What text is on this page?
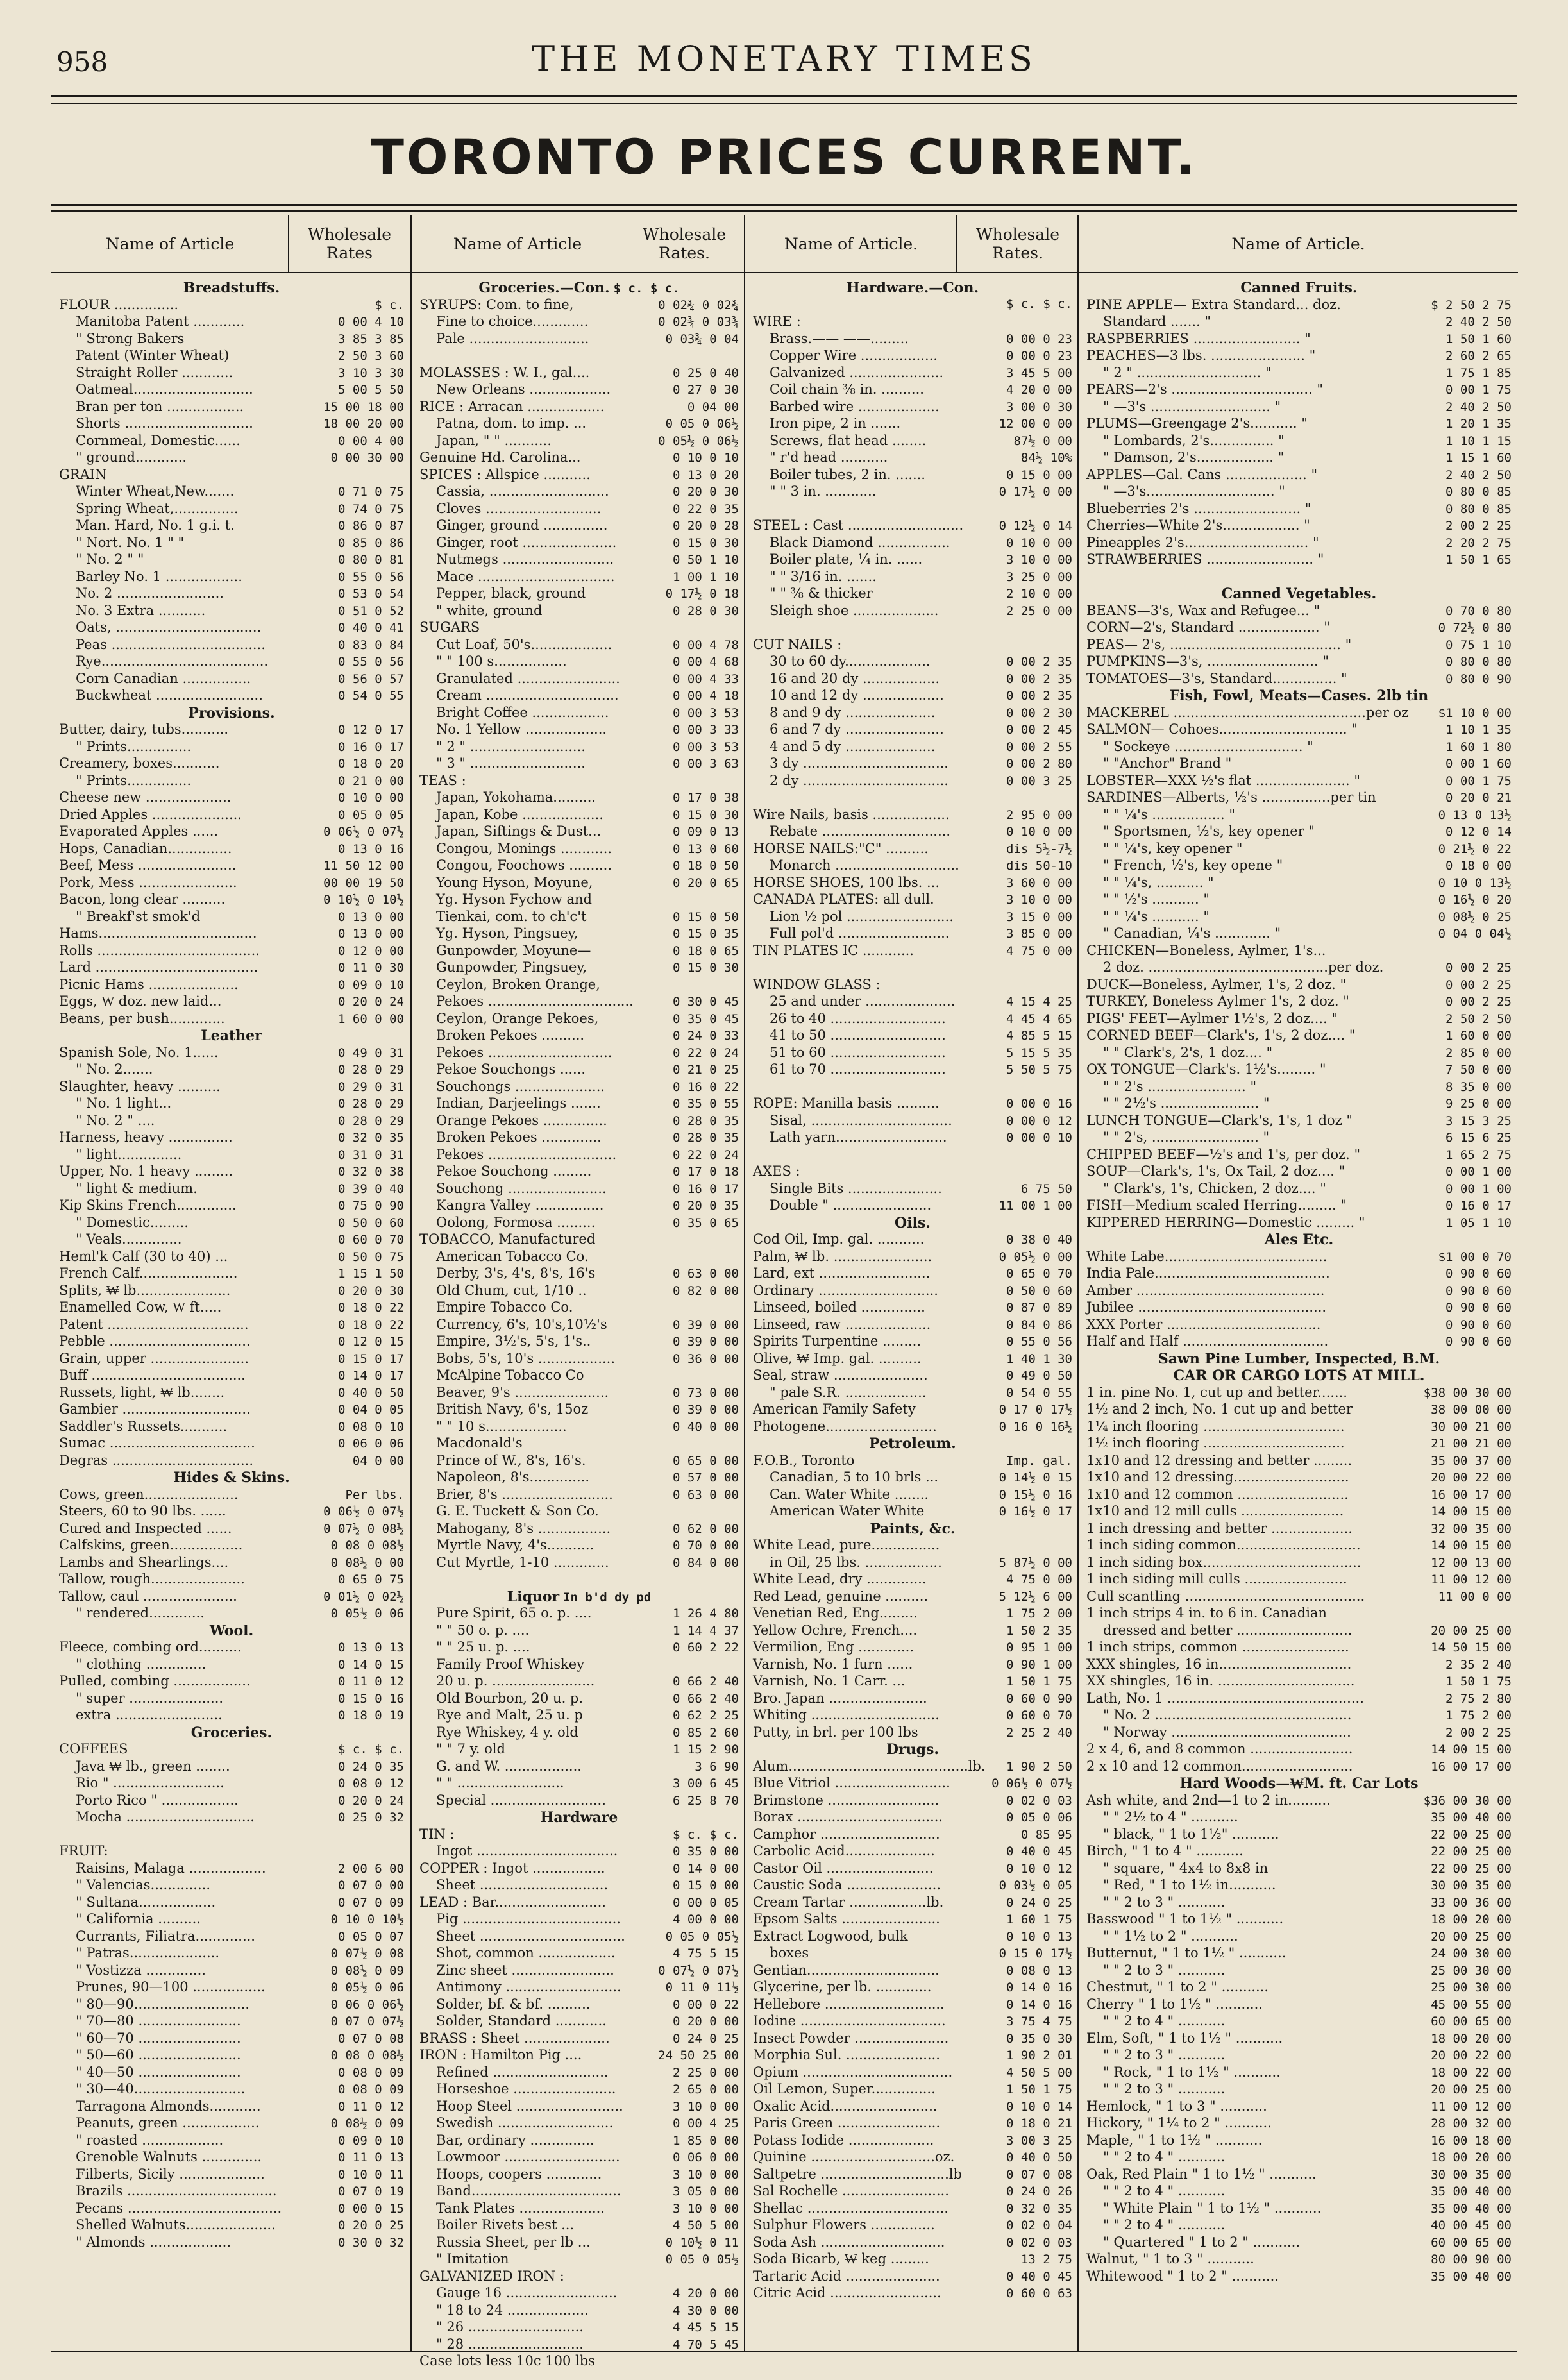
958	THE MONETARY TIMES
TORONTO PRICES CURRENT.
Name of Article	Wholesale
Rates
Breadstuffs.
FLOUR ...............	$ c.
Manitoba Patent ............	0 00 4 10
" Strong Bakers	3 85 3 85
Patent (Winter Wheat)	2 50 3 60
Straight Roller ............	3 10 3 30
Oatmeal............................	5 00 5 50
Bran per ton ..................	15 00 18 00
Shorts ..............................	18 00 20 00
Cornmeal, Domestic......	0 00 4 00
" ground............	0 00 30 00
GRAIN
Winter Wheat,New.......	0 71 0 75
Spring Wheat,...............	0 74 0 75
Man. Hard, No. 1 g.i. t.	0 86 0 87
" Nort. No. 1 " "	0 85 0 86
" No. 2 " "	0 80 0 81
Barley No. 1 ..................	0 55 0 56
No. 2 .........................	0 53 0 54
No. 3 Extra ...........	0 51 0 52
Oats, ..................................	0 40 0 41
Peas ....................................	0 83 0 84
Rye.......................................	0 55 0 56
Corn Canadian ................	0 56 0 57
Buckwheat .........................	0 54 0 55
Provisions.
Butter, dairy, tubs...........	0 12 0 17
" Prints...............	0 16 0 17
Creamery, boxes...........	0 18 0 20
" Prints...............	0 21 0 00
Cheese new ....................	0 10 0 00
Dried Apples .....................	0 05 0 05
Evaporated Apples ......	0 06½ 0 07½
Hops, Canadian...............	0 13 0 16
Beef, Mess .......................	11 50 12 00
Pork, Mess .......................	00 00 19 50
Bacon, long clear ..........	0 10½ 0 10½
" Breakf'st smok'd	0 13 0 00
Hams.....................................	0 13 0 00
Rolls ......................................	0 12 0 00
Lard ......................................	0 11 0 30
Picnic Hams .....................	0 09 0 10
Eggs, ₩ doz. new laid...	0 20 0 24
Beans, per bush.............	1 60 0 00
Leather
Spanish Sole, No. 1......	0 49 0 31
" No. 2.......	0 28 0 29
Slaughter, heavy ..........	0 29 0 31
" No. 1 light...	0 28 0 29
" No. 2 " ....	0 28 0 29
Harness, heavy ...............	0 32 0 35
" light...............	0 31 0 31
Upper, No. 1 heavy .........	0 32 0 38
" light & medium.	0 39 0 40
Kip Skins French..............	0 75 0 90
" Domestic.........	0 50 0 60
" Veals..............	0 60 0 70
Heml'k Calf (30 to 40) ...	0 50 0 75
French Calf.......................	1 15 1 50
Splits, ₩ lb......................	0 20 0 30
Enamelled Cow, ₩ ft.....	0 18 0 22
Patent .................................	0 18 0 22
Pebble .................................	0 12 0 15
Grain, upper .......................	0 15 0 17
Buff ....................................	0 14 0 17
Russets, light, ₩ lb........	0 40 0 50
Gambier ..............................	0 04 0 05
Saddler's Russets...........	0 08 0 10
Sumac ..................................	0 06 0 06
Degras .................................	04 0 00
Hides & Skins.
Cows, green......................	Per lbs.
Steers, 60 to 90 lbs. ......	0 06½ 0 07½
Cured and Inspected ......	0 07½ 0 08½
Calfskins, green.................	0 08 0 08½
Lambs and Shearlings....	0 08½ 0 00
Tallow, rough......................	0 65 0 75
Tallow, caul ......................	0 01½ 0 02½
" rendered.............	0 05½ 0 06
Wool.
Fleece, combing ord..........	0 13 0 13
" clothing ..............	0 14 0 15
Pulled, combing ..................	0 11 0 12
" super ......................	0 15 0 16
extra .........................	0 18 0 19
Groceries.
COFFEES	$ c. $ c.
Java ₩ lb., green ........	0 24 0 35
Rio " ..........................	0 08 0 12
Porto Rico " ..................	0 20 0 24
Mocha ..............................	0 25 0 32
FRUIT:
Raisins, Malaga ..................	2 00 6 00
" Valencias..............	0 07 0 00
" Sultana..................	0 07 0 09
" California ..........	0 10 0 10½
Currants, Filiatra..............	0 05 0 07
" Patras.....................	0 07½ 0 08
" Vostizza ..............	0 08½ 0 09
Prunes, 90—100 .................	0 05½ 0 06
" 80—90...........................	0 06 0 06½
" 70—80 ........................	0 07 0 07½
" 60—70 ........................	0 07 0 08
" 50—60 ........................	0 08 0 08½
" 40—50 ........................	0 08 0 09
" 30—40..........................	0 08 0 09
Tarragona Almonds............	0 11 0 12
Peanuts, green ..................	0 08½ 0 09
" roasted ...................	0 09 0 10
Grenoble Walnuts ..............	0 11 0 13
Filberts, Sicily ....................	0 10 0 11
Brazils ...................................	0 07 0 19
Pecans ....................................	0 00 0 15
Shelled Walnuts.....................	0 20 0 25
" Almonds ...................	0 30 0 32
Name of Article	Wholesale
Rates.
Groceries.—Con. $ c. $ c.
SYRUPS: Com. to fine,	0 02¾ 0 02¾
Fine to choice.............	0 02¾ 0 03¾
Pale ............................	0 03¾ 0 04
MOLASSES : W. I., gal....	0 25 0 40
New Orleans ...................	0 27 0 30
RICE : Arracan ..................	0 04 00
Patna, dom. to imp. ...	0 05 0 06½
Japan, " " ...........	0 05½ 0 06½
Genuine Hd. Carolina...	0 10 0 10
SPICES : Allspice ...........	0 13 0 20
Cassia, ............................	0 20 0 30
Cloves ...........................	0 22 0 35
Ginger, ground ...............	0 20 0 28
Ginger, root ......................	0 15 0 30
Nutmegs ..........................	0 50 1 10
Mace ................................	1 00 1 10
Pepper, black, ground	0 17½ 0 18
" white, ground	0 28 0 30
SUGARS
Cut Loaf, 50's...................	0 00 4 78
" " 100 s.................	0 00 4 68
Granulated ........................	0 00 4 33
Cream ...............................	0 00 4 18
Bright Coffee ..................	0 00 3 53
No. 1 Yellow ...................	0 00 3 33
" 2 " ...........................	0 00 3 53
" 3 " ...........................	0 00 3 63
TEAS :
Japan, Yokohama..........	0 17 0 38
Japan, Kobe ...................	0 15 0 30
Japan, Siftings & Dust...	0 09 0 13
Congou, Monings ............	0 13 0 60
Congou, Foochows ..........	0 18 0 50
Young Hyson, Moyune,	0 20 0 65
Yg. Hyson Fychow and
Tienkai, com. to ch'c't	0 15 0 50
Yg. Hyson, Pingsuey,	0 15 0 35
Gunpowder, Moyune—	0 18 0 65
Gunpowder, Pingsuey,	0 15 0 30
Ceylon, Broken Orange,
Pekoes ..................................	0 30 0 45
Ceylon, Orange Pekoes,	0 35 0 45
Broken Pekoes ..........	0 24 0 33
Pekoes .............................	0 22 0 24
Pekoe Souchongs ......	0 21 0 25
Souchongs .....................	0 16 0 22
Indian, Darjeelings .......	0 35 0 55
Orange Pekoes ...............	0 28 0 35
Broken Pekoes ..............	0 28 0 35
Pekoes ..............................	0 22 0 24
Pekoe Souchong .........	0 17 0 18
Souchong .......................	0 16 0 17
Kangra Valley ................	0 20 0 35
Oolong, Formosa .........	0 35 0 65
TOBACCO, Manufactured
American Tobacco Co.
Derby, 3's, 4's, 8's, 16's	0 63 0 00
Old Chum, cut, 1/10 ..	0 82 0 00
Empire Tobacco Co.
Currency, 6's, 10's,10½'s	0 39 0 00
Empire, 3½'s, 5's, 1's..	0 39 0 00
Bobs, 5's, 10's ..................	0 36 0 00
McAlpine Tobacco Co
Beaver, 9's ......................	0 73 0 00
British Navy, 6's, 15oz	0 39 0 00
" " 10 s...................	0 40 0 00
Macdonald's
Prince of W., 8's, 16's.	0 65 0 00
Napoleon, 8's..............	0 57 0 00
Brier, 8's ..........................	0 63 0 00
G. E. Tuckett & Son Co.
Mahogany, 8's .................	0 62 0 00
Myrtle Navy, 4's...........	0 70 0 00
Cut Myrtle, 1-10 .............	0 84 0 00
Liquor In b'd dy pd
Pure Spirit, 65 o. p. ....	1 26 4 80
" " 50 o. p. ....	1 14 4 37
" " 25 u. p. ....	0 60 2 22
Family Proof Whiskey
20 u. p. ........................	0 66 2 40
Old Bourbon, 20 u. p.	0 66 2 40
Rye and Malt, 25 u. p	0 62 2 25
Rye Whiskey, 4 y. old	0 85 2 60
" " 7 y. old	1 15 2 90
G. and W. ..................	3 6 90
" " .........................	3 00 6 45
Special ...........................	6 25 8 70
Hardware
TIN :	$ c. $ c.
Ingot .................................	0 35 0 00
COPPER : Ingot .................	0 14 0 00
Sheet ..............................	0 15 0 00
LEAD : Bar..........................	0 00 0 05
Pig .....................................	4 00 0 00
Sheet ..................................	0 05 0 05½
Shot, common ..................	4 75 5 15
Zinc sheet ........................	0 07½ 0 07½
Antimony ...........................	0 11 0 11½
Solder, bf. & bf. ..........	0 00 0 22
Solder, Standard ............	0 20 0 00
BRASS : Sheet ....................	0 24 0 25
IRON : Hamilton Pig ....	24 50 25 00
Refined ...........................	2 25 0 00
Horseshoe ........................	2 65 0 00
Hoop Steel .........................	3 10 0 00
Swedish ...........................	0 00 4 25
Bar, ordinary ...............	1 85 0 00
Lowmoor ...........................	0 06 0 00
Hoops, coopers .............	3 10 0 00
Band...................................	3 05 0 00
Tank Plates ....................	3 10 0 00
Boiler Rivets best ...	4 50 5 00
Russia Sheet, per lb ...	0 10½ 0 11
" Imitation	0 05 0 05½
GALVANIZED IRON :
Gauge 16 ..........................	4 20 0 00
" 18 to 24 ...................	4 30 0 00
" 26 ...........................	4 45 5 15
" 28 ...........................	4 70 5 45
Case lots less 10c 100 lbs
Name of Article.	Wholesale
Rates.
Hardware.—Con.
$ c. $ c.
WIRE :
Brass.—— ——.........	0 00 0 23
Copper Wire ..................	0 00 0 23
Galvanized ......................	3 45 5 00
Coil chain ⅜ in. ..........	4 20 0 00
Barbed wire ...................	3 00 0 30
Iron pipe, 2 in .......	12 00 0 00
Screws, flat head ........	87½ 0 00
" r'd head ...........	84½ 10%
Boiler tubes, 2 in. .......	0 15 0 00
" " 3 in. ............	0 17½ 0 00
STEEL : Cast ...........................	0 12½ 0 14
Black Diamond .................	0 10 0 00
Boiler plate, ¼ in. ......	3 10 0 00
" " 3/16 in. .......	3 25 0 00
" " ⅜ & thicker	2 10 0 00
Sleigh shoe ....................	2 25 0 00
CUT NAILS :
30 to 60 dy....................	0 00 2 35
16 and 20 dy ..................	0 00 2 35
10 and 12 dy ...................	0 00 2 35
8 and 9 dy .....................	0 00 2 30
6 and 7 dy .......................	0 00 2 45
4 and 5 dy .....................	0 00 2 55
3 dy ..................................	0 00 2 80
2 dy ..................................	0 00 3 25
Wire Nails, basis ..................	2 95 0 00
Rebate ..............................	0 10 0 00
HORSE NAILS:"C" ..........	dis 5½-7½
Monarch .............................	dis 50-10
HORSE SHOES, 100 lbs. ...	3 60 0 00
CANADA PLATES: all dull.	3 10 0 00
Lion ½ pol .........................	3 15 0 00
Full pol'd ..........................	3 85 0 00
TIN PLATES IC ............	4 75 0 00
WINDOW GLASS :
25 and under .....................	4 15 4 25
26 to 40 ...........................	4 45 4 65
41 to 50 ...........................	4 85 5 15
51 to 60 ...........................	5 15 5 35
61 to 70 ...........................	5 50 5 75
ROPE: Manilla basis ..........	0 00 0 16
Sisal, .................................	0 00 0 12
Lath yarn..........................	0 00 0 10
AXES :
Single Bits ......................	6 75 50
Double " .......................	11 00 1 00
Oils.
Cod Oil, Imp. gal. ...........	0 38 0 40
Palm, ₩ lb. .......................	0 05½ 0 00
Lard, ext ..........................	0 65 0 70
Ordinary ............................	0 50 0 60
Linseed, boiled ...............	0 87 0 89
Linseed, raw ....................	0 84 0 86
Spirits Turpentine .........	0 55 0 56
Olive, ₩ Imp. gal. ..........	1 40 1 30
Seal, straw ......................	0 49 0 50
" pale S.R. ...................	0 54 0 55
American Family Safety	0 17 0 17½
Photogene..........................	0 16 0 16½
Petroleum.
F.O.B., Toronto	Imp. gal.
Canadian, 5 to 10 brls ...	0 14½ 0 15
Can. Water White ........	0 15½ 0 16
American Water White	0 16½ 0 17
Paints, &c.
White Lead, pure................
in Oil, 25 lbs. ..................	5 87½ 0 00
White Lead, dry ..............	4 75 0 00
Red Lead, genuine ..........	5 12½ 6 00
Venetian Red, Eng.........	1 75 2 00
Yellow Ochre, French....	1 50 2 35
Vermilion, Eng .............	0 95 1 00
Varnish, No. 1 furn ......	0 90 1 00
Varnish, No. 1 Carr. ...	1 50 1 75
Bro. Japan .......................	0 60 0 90
Whiting ..............................	0 60 0 70
Putty, in brl. per 100 lbs	2 25 2 40
Drugs.
Alum..........................................lb.	1 90 2 50
Blue Vitriol ...........................	0 06½ 0 07½
Brimstone ..........................	0 02 0 03
Borax ..................................	0 05 0 06
Camphor ............................	0 85 95
Carbolic Acid.....................	0 40 0 45
Castor Oil .........................	0 10 0 12
Caustic Soda ......................	0 03½ 0 05
Cream Tartar ..................lb.	0 24 0 25
Epsom Salts .......................	1 60 1 75
Extract Logwood, bulk	0 10 0 13
boxes	0 15 0 17½
Gentian...............................	0 08 0 13
Glycerine, per lb. .............	0 14 0 16
Hellebore ............................	0 14 0 16
Iodine ..................................	3 75 4 75
Insect Powder ......................	0 35 0 30
Morphia Sul. ......................	1 90 2 01
Opium ...................................	4 50 5 00
Oil Lemon, Super...............	1 50 1 75
Oxalic Acid.........................	0 10 0 14
Paris Green ........................	0 18 0 21
Potass Iodide ....................	3 00 3 25
Quinine .............................oz.	0 40 0 50
Saltpetre ..............................lb	0 07 0 08
Sal Rochelle .........................	0 24 0 26
Shellac .................................	0 32 0 35
Sulphur Flowers ...............	0 02 0 04
Soda Ash .............................	0 02 0 03
Soda Bicarb, ₩ keg .........	13 2 75
Tartaric Acid ......................	0 40 0 45
Citric Acid ..........................	0 60 0 63
Name of Article.
Canned Fruits.
PINE APPLE— Extra Standard... doz.	$ 2 50 2 75
Standard ....... "	2 40 2 50
RASPBERRIES ......................... "	1 50 1 60
PEACHES—3 lbs. ...................... "	2 60 2 65
" 2 " ............................. "	1 75 1 85
PEARS—2's ................................. "	0 00 1 75
" —3's ............................ "	2 40 2 50
PLUMS—Greengage 2's........... "	1 20 1 35
" Lombards, 2's............... "	1 10 1 15
" Damson, 2's.................. "	1 15 1 60
APPLES—Gal. Cans ................... "	2 40 2 50
" —3's.............................. "	0 80 0 85
Blueberries 2's ......................... "	0 80 0 85
Cherries—White 2's.................. "	2 00 2 25
Pineapples 2's............................. "	2 20 2 75
STRAWBERRIES ......................... "	1 50 1 65
Canned Vegetables.
BEANS—3's, Wax and Refugee... "	0 70 0 80
CORN—2's, Standard ................... "	0 72½ 0 80
PEAS— 2's, ........................................ "	0 75 1 10
PUMPKINS—3's, .......................... "	0 80 0 80
TOMATOES—3's, Standard............... "	0 80 0 90
Fish, Fowl, Meats—Cases. 2lb tin
MACKEREL .............................................per oz	$1 10 0 00
SALMON— Cohoes.............................. "	1 10 1 35
" Sockeye .............................. "	1 60 1 80
" "Anchor" Brand "	0 00 1 60
LOBSTER—XXX ½'s flat ...................... "	0 00 1 75
SARDINES—Alberts, ½'s ................per tin	0 20 0 21
" " ¼'s ................. "	0 13 0 13½
" Sportsmen, ½'s, key opener "	0 12 0 14
" " ¼'s, key opener "	0 21½ 0 22
" French, ½'s, key opene "	0 18 0 00
" " ¼'s, ........... "	0 10 0 13½
" " ½'s ........... "	0 16½ 0 20
" " ¼'s ........... "	0 08½ 0 25
" Canadian, ¼'s ............. "	0 04 0 04½
CHICKEN—Boneless, Aylmer, 1's...
2 doz. ..........................................per doz.	0 00 2 25
DUCK—Boneless, Aylmer, 1's, 2 doz. "	0 00 2 25
TURKEY, Boneless Aylmer 1's, 2 doz. "	0 00 2 25
PIGS' FEET—Aylmer 1½'s, 2 doz.... "	2 50 2 50
CORNED BEEF—Clark's, 1's, 2 doz.... "	1 60 0 00
" " Clark's, 2's, 1 doz.... "	2 85 0 00
OX TONGUE—Clark's. 1½'s......... "	7 50 0 00
" " 2's ....................... "	8 35 0 00
" " 2½'s ....................... "	9 25 0 00
LUNCH TONGUE—Clark's, 1's, 1 doz "	3 15 3 25
" " 2's, ......................... "	6 15 6 25
CHIPPED BEEF—½'s and 1's, per doz. "	1 65 2 75
SOUP—Clark's, 1's, Ox Tail, 2 doz.... "	0 00 1 00
" Clark's, 1's, Chicken, 2 doz.... "	0 00 1 00
FISH—Medium scaled Herring......... "	0 16 0 17
KIPPERED HERRING—Domestic ......... "	1 05 1 10
Ales Etc.
White Labe......................................	$1 00 0 70
India Pale.........................................	0 90 0 60
Amber ............................................	0 90 0 60
Jubilee ............................................	0 90 0 60
XXX Porter ....................................	0 90 0 60
Half and Half ..................................	0 90 0 60
Sawn Pine Lumber, Inspected, B.M.
CAR OR CARGO LOTS AT MILL.
1 in. pine No. 1, cut up and better.......	$38 00 30 00
1½ and 2 inch, No. 1 cut up and better	38 00 00 00
1¼ inch flooring .................................	30 00 21 00
1½ inch flooring .................................	21 00 21 00
1x10 and 12 dressing and better .........	35 00 37 00
1x10 and 12 dressing...........................	20 00 22 00
1x10 and 12 common ..........................	16 00 17 00
1x10 and 12 mill culls ........................	14 00 15 00
1 inch dressing and better ...................	32 00 35 00
1 inch siding common.............................	14 00 15 00
1 inch siding box.....................................	12 00 13 00
1 inch siding mill culls ........................	11 00 12 00
Cull scantling ..........................................	11 00 0 00
1 inch strips 4 in. to 6 in. Canadian
dressed and better ...........................	20 00 25 00
1 inch strips, common .........................	14 50 15 00
XXX shingles, 16 in...............................	2 35 2 40
XX shingles, 16 in. ................................	1 50 1 75
Lath, No. 1 ..............................................	2 75 2 80
" No. 2 ..............................................	1 75 2 00
" Norway ..........................................	2 00 2 25
2 x 4, 6, and 8 common ........................	14 00 15 00
2 x 10 and 12 common..........................	16 00 17 00
Hard Woods—₩M. ft. Car Lots
Ash white, and 2nd—1 to 2 in..........	$36 00 30 00
" " 2½ to 4 " ...........	35 00 40 00
" black, " 1 to 1½" ...........	22 00 25 00
Birch, " 1 to 4 " ...........	22 00 25 00
" square, " 4x4 to 8x8 in	22 00 25 00
" Red, " 1 to 1½ in...........	30 00 35 00
" " 2 to 3 " ...........	33 00 36 00
Basswood " 1 to 1½ " ...........	18 00 20 00
" " 1½ to 2 " ...........	20 00 25 00
Butternut, " 1 to 1½ " ...........	24 00 30 00
" " 2 to 3 " ...........	25 00 30 00
Chestnut, " 1 to 2 " ...........	25 00 30 00
Cherry " 1 to 1½ " ...........	45 00 55 00
" " 2 to 4 " ...........	60 00 65 00
Elm, Soft, " 1 to 1½ " ...........	18 00 20 00
" " 2 to 3 " ...........	20 00 22 00
" Rock, " 1 to 1½ " ...........	18 00 22 00
" " 2 to 3 " ...........	20 00 25 00
Hemlock, " 1 to 3 " ...........	11 00 12 00
Hickory, " 1¼ to 2 " ...........	28 00 32 00
Maple, " 1 to 1½ " ...........	16 00 18 00
" " 2 to 4 " ...........	18 00 20 00
Oak, Red Plain " 1 to 1½ " ...........	30 00 35 00
" " 2 to 4 " ...........	35 00 40 00
" White Plain " 1 to 1½ " ...........	35 00 40 00
" " 2 to 4 " ...........	40 00 45 00
" Quartered " 1 to 2 " ...........	60 00 65 00
Walnut, " 1 to 3 " ...........	80 00 90 00
Whitewood " 1 to 2 " ...........	35 00 40 00
